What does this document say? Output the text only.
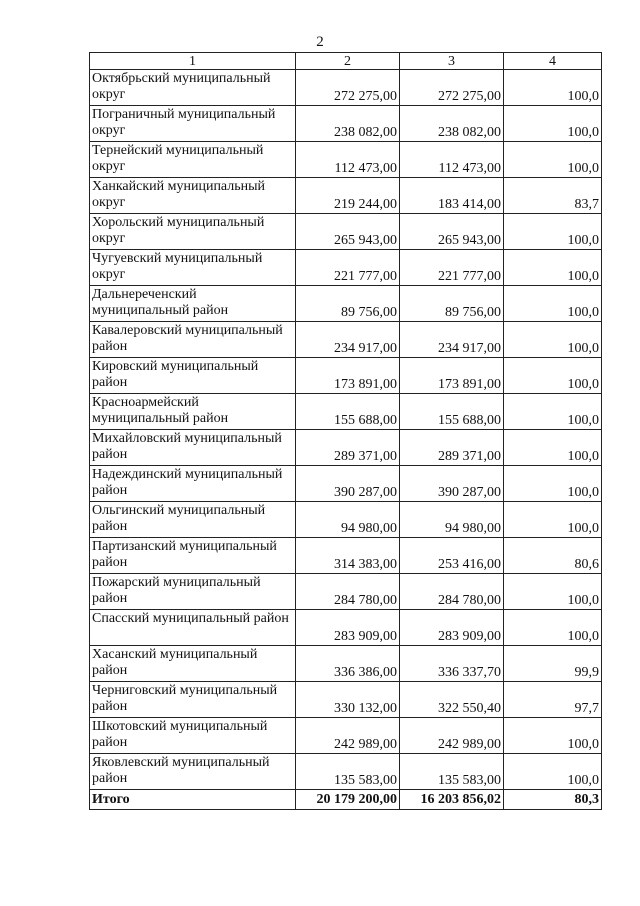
2
1	2	3	4
Октябрьский муниципальный округ	272 275,00	272 275,00	100,0
Пограничный муниципальный округ	238 082,00	238 082,00	100,0
Тернейский муниципальный округ	112 473,00	112 473,00	100,0
Ханкайский муниципальный округ	219 244,00	183 414,00	83,7
Хорольский муниципальный округ	265 943,00	265 943,00	100,0
Чугуевский муниципальный округ	221 777,00	221 777,00	100,0
Дальнереченский муниципальный район	89 756,00	89 756,00	100,0
Кавалеровский муниципальный район	234 917,00	234 917,00	100,0
Кировский муниципальный район	173 891,00	173 891,00	100,0
Красноармейский муниципальный район	155 688,00	155 688,00	100,0
Михайловский муниципальный район	289 371,00	289 371,00	100,0
Надеждинский муниципальный район	390 287,00	390 287,00	100,0
Ольгинский муниципальный район	94 980,00	94 980,00	100,0
Партизанский муниципальный район	314 383,00	253 416,00	80,6
Пожарский муниципальный район	284 780,00	284 780,00	100,0
Спасский муниципальный район	283 909,00	283 909,00	100,0
Хасанский муниципальный район	336 386,00	336 337,70	99,9
Черниговский муниципальный район	330 132,00	322 550,40	97,7
Шкотовский муниципальный район	242 989,00	242 989,00	100,0
Яковлевский муниципальный район	135 583,00	135 583,00	100,0
Итого	20 179 200,00	16 203 856,02	80,3
